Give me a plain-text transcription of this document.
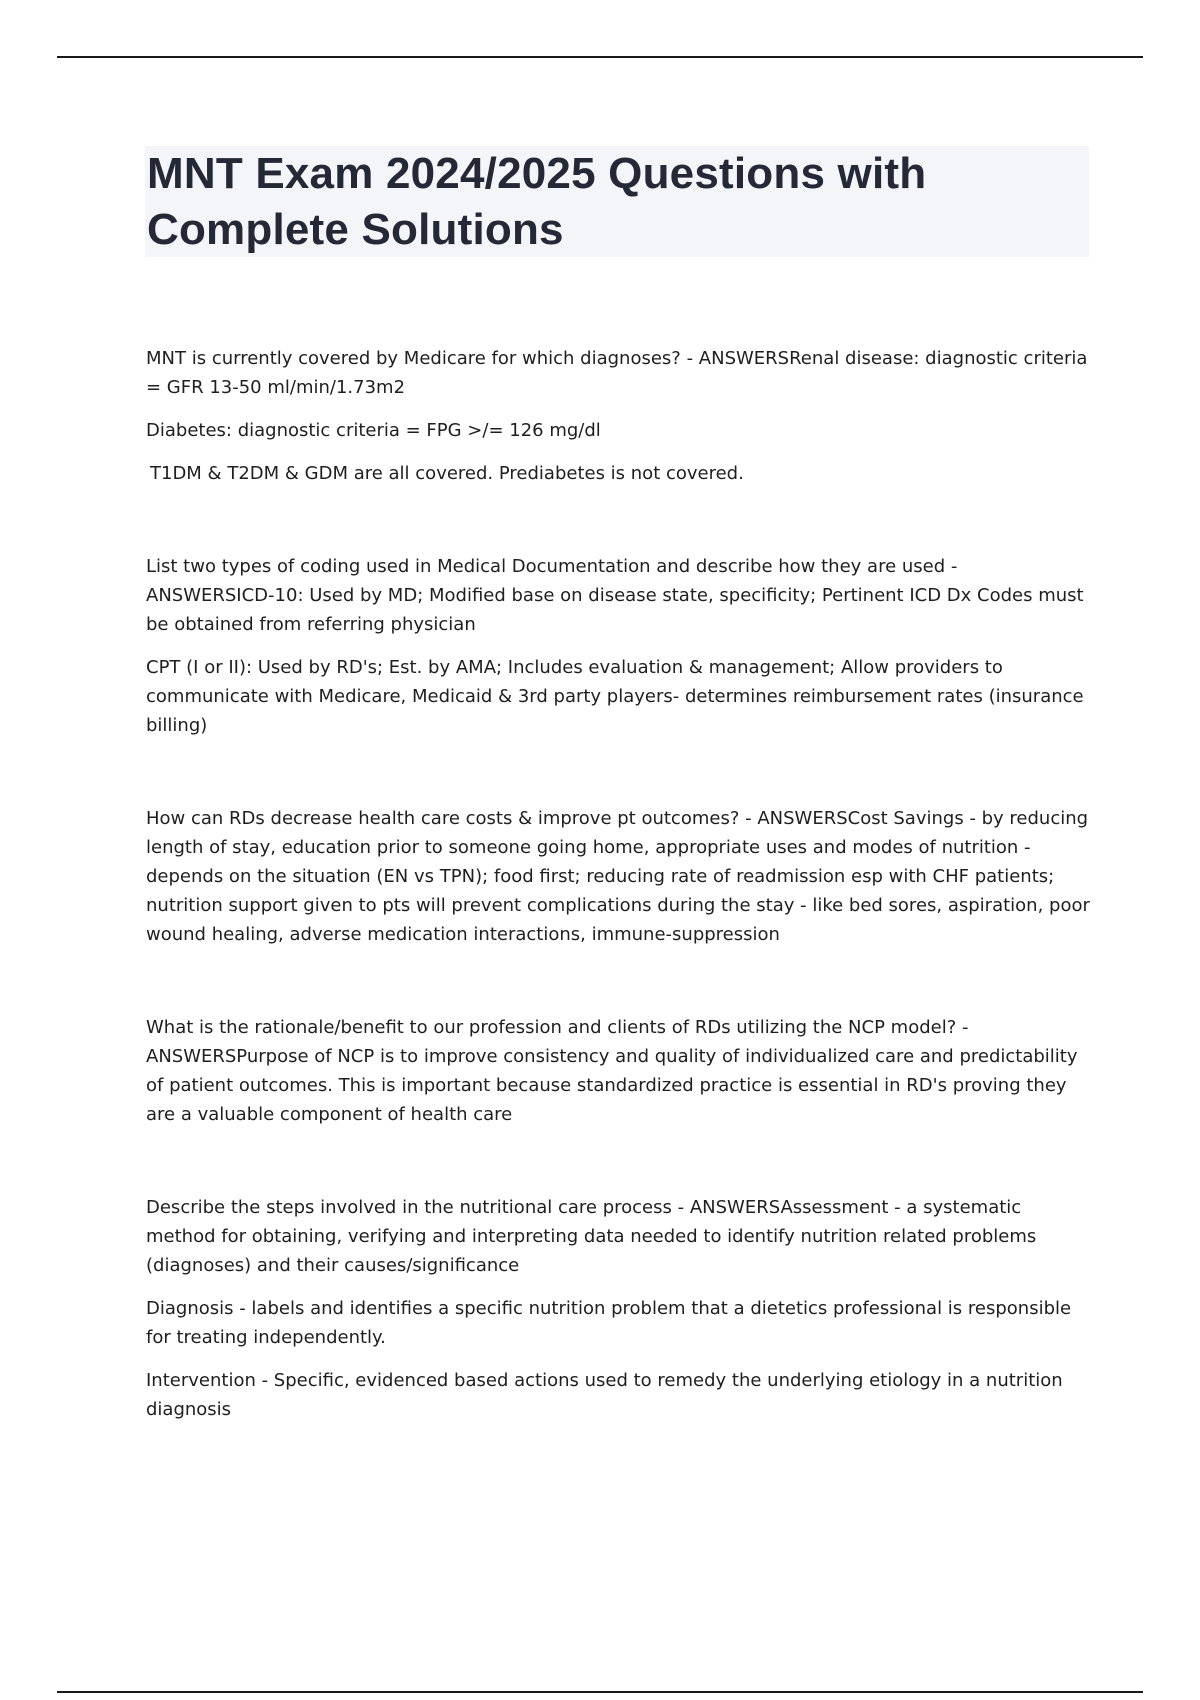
MNT Exam 2024/2025 Questions with Complete Solutions

MNT is currently covered by Medicare for which diagnoses? - ANSWERSRenal disease: diagnostic criteria = GFR 13-50 ml/min/1.73m2

Diabetes: diagnostic criteria = FPG >/= 126 mg/dl

T1DM & T2DM & GDM are all covered. Prediabetes is not covered.

List two types of coding used in Medical Documentation and describe how they are used - ANSWERSICD-10: Used by MD; Modified base on disease state, specificity; Pertinent ICD Dx Codes must be obtained from referring physician

CPT (I or II): Used by RD's; Est. by AMA; Includes evaluation & management; Allow providers to communicate with Medicare, Medicaid & 3rd party players- determines reimbursement rates (insurance billing)

How can RDs decrease health care costs & improve pt outcomes? - ANSWERSCost Savings - by reducing length of stay, education prior to someone going home, appropriate uses and modes of nutrition - depends on the situation (EN vs TPN); food first; reducing rate of readmission esp with CHF patients; nutrition support given to pts will prevent complications during the stay - like bed sores, aspiration, poor wound healing, adverse medication interactions, immune-suppression

What is the rationale/benefit to our profession and clients of RDs utilizing the NCP model? - ANSWERSPurpose of NCP is to improve consistency and quality of individualized care and predictability of patient outcomes. This is important because standardized practice is essential in RD's proving they are a valuable component of health care

Describe the steps involved in the nutritional care process - ANSWERSAssessment - a systematic method for obtaining, verifying and interpreting data needed to identify nutrition related problems (diagnoses) and their causes/significance

Diagnosis - labels and identifies a specific nutrition problem that a dietetics professional is responsible for treating independently.

Intervention - Specific, evidenced based actions used to remedy the underlying etiology in a nutrition diagnosis
